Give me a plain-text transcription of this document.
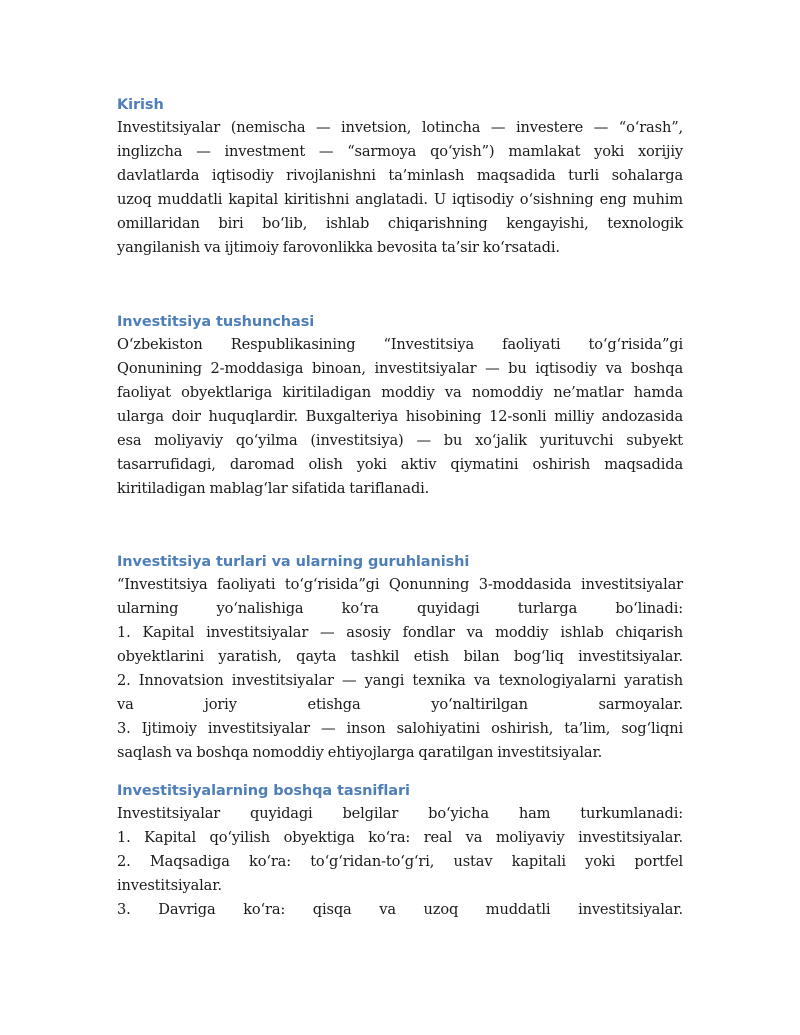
Kirish

Investitsiyalar (nemischa — invetsion, lotincha — investere — “o‘rash”,
inglizcha — investment — “sarmoya qo‘yish”) mamlakat yoki xorijiy
davlatlarda iqtisodiy rivojlanishni ta’minlash maqsadida turli sohalarga
uzoq muddatli kapital kiritishni anglatadi. U iqtisodiy o‘sishning eng muhim
omillaridan biri bo‘lib, ishlab chiqarishning kengayishi, texnologik
yangilanish va ijtimoiy farovonlikka bevosita ta’sir ko‘rsatadi.

Investitsiya tushunchasi

O‘zbekiston Respublikasining “Investitsiya faoliyati to‘g‘risida”gi
Qonunining 2-moddasiga binoan, investitsiyalar — bu iqtisodiy va boshqa
faoliyat obyektlariga kiritiladigan moddiy va nomoddiy ne’matlar hamda
ularga doir huquqlardir. Buxgalteriya hisobining 12-sonli milliy andozasida
esa moliyaviy qo‘yilma (investitsiya) — bu xo‘jalik yurituvchi subyekt
tasarrufidagi, daromad olish yoki aktiv qiymatini oshirish maqsadida
kiritiladigan mablag‘lar sifatida tariflanadi.

Investitsiya turlari va ularning guruhlanishi

“Investitsiya faoliyati to‘g‘risida”gi Qonunning 3-moddasida investitsiyalar
ularning yo‘nalishiga ko‘ra quyidagi turlarga bo‘linadi:
1. Kapital investitsiyalar — asosiy fondlar va moddiy ishlab chiqarish
obyektlarini yaratish, qayta tashkil etish bilan bog‘liq investitsiyalar.
2. Innovatsion investitsiyalar — yangi texnika va texnologiyalarni yaratish
va joriy etishga yo‘naltirilgan sarmoyalar.
3. Ijtimoiy investitsiyalar — inson salohiyatini oshirish, ta’lim, sog‘liqni
saqlash va boshqa nomoddiy ehtiyojlarga qaratilgan investitsiyalar.

Investitsiyalarning boshqa tasniflari

Investitsiyalar quyidagi belgilar bo‘yicha ham turkumlanadi:
1. Kapital qo‘yilish obyektiga ko‘ra: real va moliyaviy investitsiyalar.
2. Maqsadiga ko‘ra: to‘g‘ridan-to‘g‘ri, ustav kapitali yoki portfel
investitsiyalar.
3. Davriga ko‘ra: qisqa va uzoq muddatli investitsiyalar.
